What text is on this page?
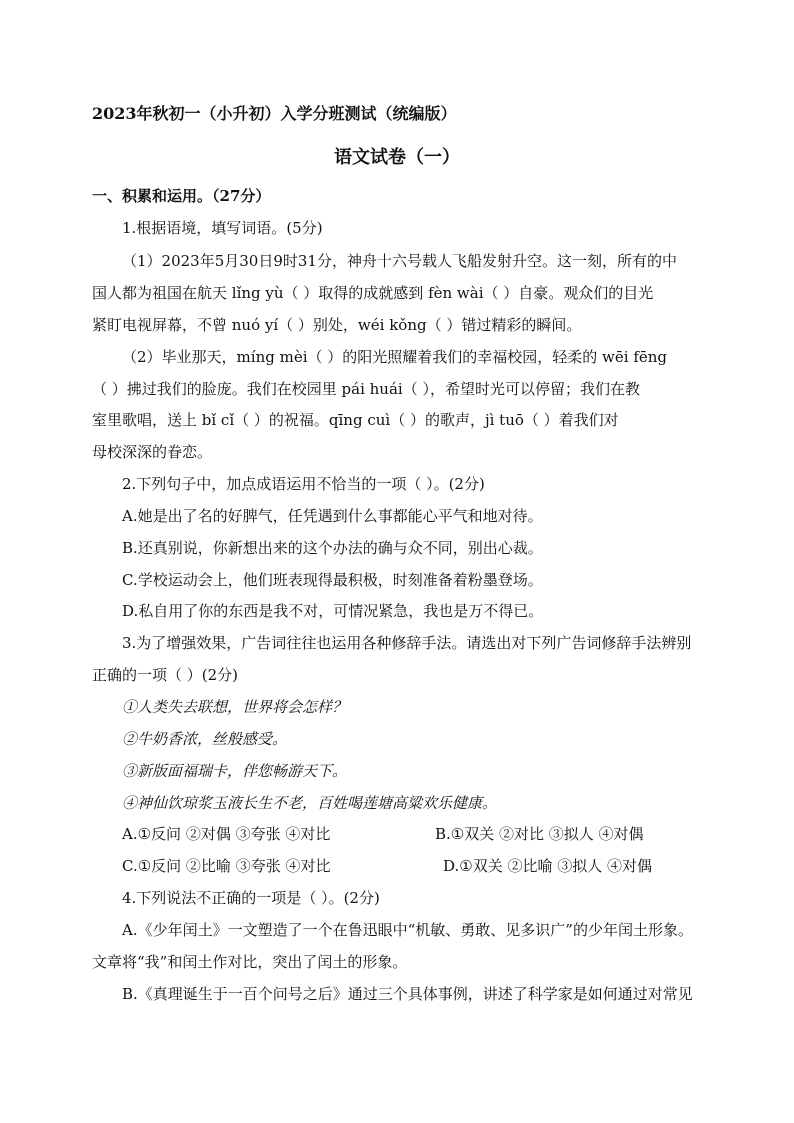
2023年秋初一（小升初）入学分班测试（统编版）
语文试卷（一）
一、积累和运用。（27分）
1.根据语境，填写词语。(5分)
（1）2023年5月30日9时31分，神舟十六号载人飞船发射升空。这一刻，所有的中
国人都为祖国在航天 lǐng yù（ ）取得的成就感到 fèn wài（ ）自豪。观众们的目光
紧盯电视屏幕，不曾 nuó yí（ ）别处，wéi kǒng（ ）错过精彩的瞬间。
（2）毕业那天，míng mèi（ ）的阳光照耀着我们的幸福校园，轻柔的 wēi fēng
（ ）拂过我们的脸庞。我们在校园里 pái huái（ ），希望时光可以停留；我们在教
室里歌唱，送上 bǐ cǐ（ ）的祝福。qīng cuì（ ）的歌声，jì tuō（ ）着我们对
母校深深的眷恋。
2.下列句子中，加点成语运用不恰当的一项（ ）。(2分)
A.她是出了名的好脾气，任凭遇到什么事都能心平气和地对待。
B.还真别说，你新想出来的这个办法的确与众不同，别出心裁。
C.学校运动会上，他们班表现得最积极，时刻准备着粉墨登场。
D.私自用了你的东西是我不对，可情况紧急，我也是万不得已。
3.为了增强效果，广告词往往也运用各种修辞手法。请选出对下列广告词修辞手法辨别
正确的一项（ ）(2分)
①人类失去联想，世界将会怎样？
②牛奶香浓，丝般感受。
③新版面福瑞卡，伴您畅游天下。
④神仙饮琼浆玉液长生不老，百姓喝莲塘高粱欢乐健康。
A.①反问 ②对偶 ③夸张 ④对比	B.①双关 ②对比 ③拟人 ④对偶
C.①反问 ②比喻 ③夸张 ④对比	D.①双关 ②比喻 ③拟人 ④对偶
4.下列说法不正确的一项是（ ）。(2分)
A.《少年闰土》一文塑造了一个在鲁迅眼中“机敏、勇敢、见多识广”的少年闰土形象。
文章将“我”和闰土作对比，突出了闰土的形象。
B.《真理诞生于一百个问号之后》通过三个具体事例，讲述了科学家是如何通过对常见
